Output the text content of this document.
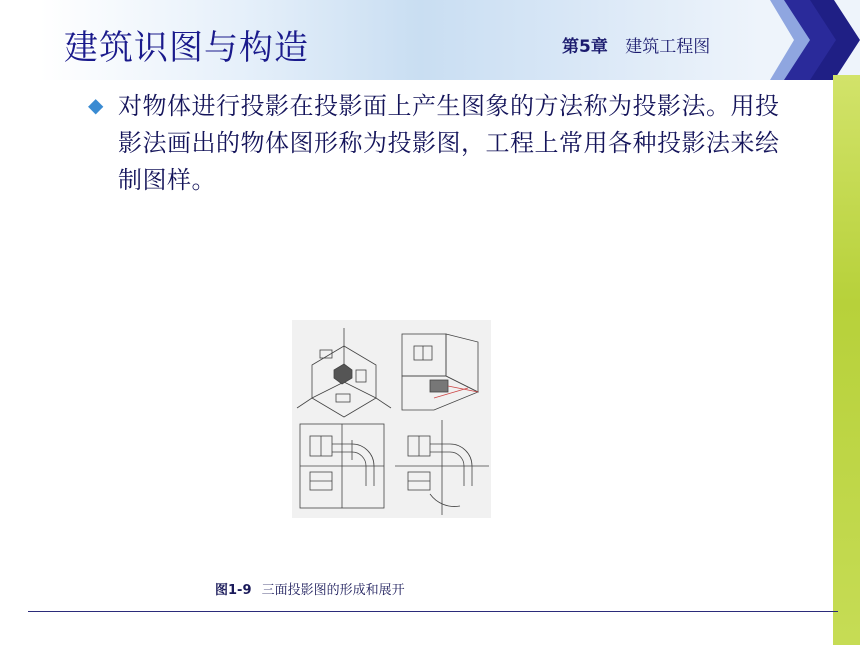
建筑识图与构造	第5章 建筑工程图
◆ 对物体进行投影在投影面上产生图象的方法称为投影法。用投影法画出的物体图形称为投影图，工程上常用各种投影法来绘制图样。
图1-9 三面投影图的形成和展开
